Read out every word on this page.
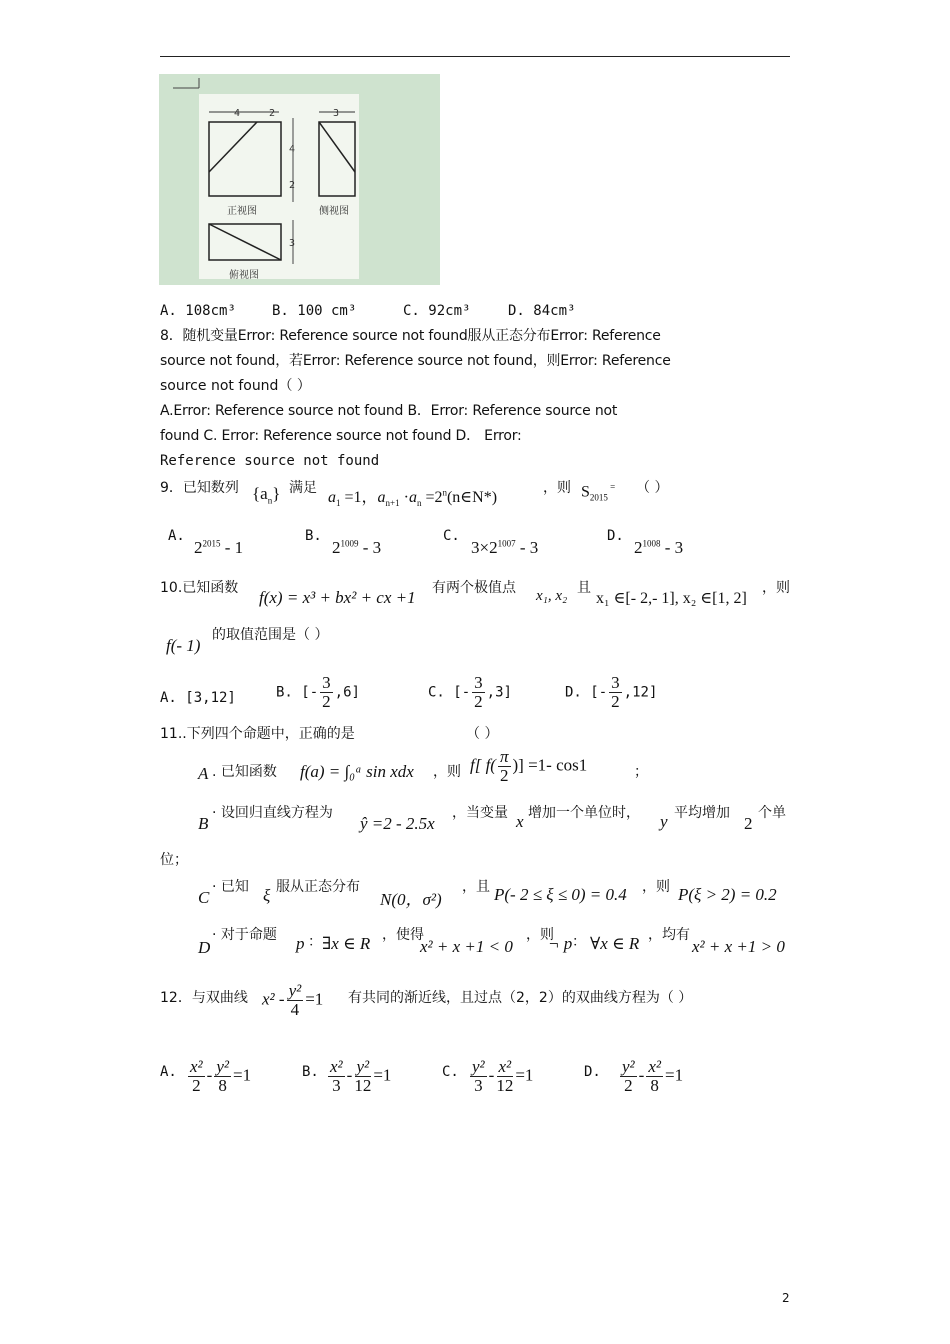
4	2
4
2
正视图
3
侧视图
3
俯视图
A. 108cm³	B. 100 cm³	C. 92cm³	D. 84cm³
8．随机变量Error: Reference source not found服从正态分布Error: Reference
source not found，若Error: Reference source not found，则Error: Reference
source not found（ ）
A.Error: Reference source not found B．Error: Reference source not
found C. Error: Reference source not found D． Error:
Reference source not found
9．已知数列 $\{a_n\}$ 满足
$a_1 =1$，$a_{n+1} \cdot a_n$ $=2^n(n\in N*)$
，则 $S_{2015}$ = （ ）
A.
$2^{2015} - 1$
B.
$2^{1009} - 3$
C.
$3\times 2^{1007} - 3$
D.
$2^{1008} - 3$
10.已知函数 f(x) = x³ + bx² + cx +1 有两个极值点 x₁, x₂ 且
x₁ ∈[- 2,- 1], x₂ ∈[1, 2]
，则
f(- 1)
的取值范围是（ ）
A. [3,12]	B. [- $\frac{3}{2} ,6$]	C. [- $\frac{3}{2} ,3$]	D. [- $\frac{3}{2} ,12$]
11..下列四个命题中，正确的是	（ ）
A . 已知函数 f(a) = ∫₀ᵃ sin xdx ，则 f[ $f( \frac{\pi}{2}$ )] =1- cos1	；
B
· 设回归直线方程为
ŷ =2 - 2.5x
，当变量 x 增加一个单位时， y 平均增加
2
个单
位；
C
· 已知 ξ 服从正态分布
N(0，σ²)
，且 P(- 2 ≤ ξ ≤ 0) = 0.4 ，则 P(ξ > 2) = 0.2
D
· 对于命题 p ： ∃x ∈ R ，使得
x² + x +1 < 0
，则
¬ p ： ∀x ∈ R ，均有
x² + x +1 > 0
12．与双曲线 $x^2 - \frac{\text{y²}}{4} =1$ 有共同的渐近线，且过点（2，2）的双曲线方程为（ ）
A. $\frac{\text{x²}}{2} - \frac{\text{y²}}{8} =1$	B. $\frac{\text{x²}}{3} - \frac{\text{y²}}{12} =1$	C. $\frac{\text{y²}}{3} - \frac{\text{x²}}{12} =1$	D. $\frac{\text{y²}}{2} - \frac{\text{x²}}{8} =1$
2
